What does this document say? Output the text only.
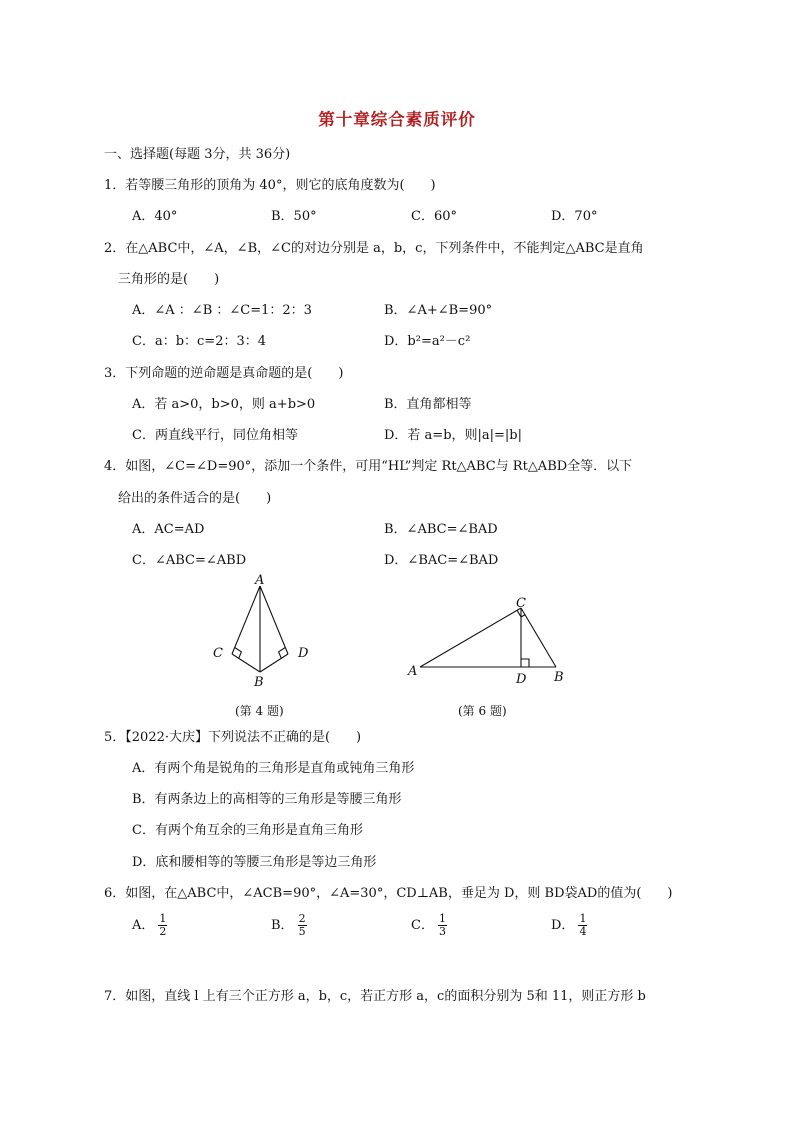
第十章综合素质评价
一、选择题(每题 3分，共 36分)
1．若等腰三角形的顶角为 40°，则它的底角度数为(　　)
A．40°	B．50°	C．60°	D．70°
2．在△ABC中，∠A，∠B，∠C的对边分别是 a，b，c，下列条件中，不能判定△ABC是直角
三角形的是(　　)
A．∠A ：∠B ：∠C=1：2：3	B．∠A+∠B=90°
C．a：b：c=2：3：4	D．b²=a²－c²
3．下列命题的逆命题是真命题的是(　　)
A．若 a>0，b>0，则 a+b>0	B．直角都相等
C．两直线平行，同位角相等	D．若 a=b，则|a|=|b|
4．如图，∠C=∠D=90°，添加一个条件，可用“HL”判定 Rt△ABC与 Rt△ABD全等．以下
给出的条件适合的是(　　)
A．AC=AD	B．∠ABC=∠BAD
C．∠ABC=∠ABD	D．∠BAC=∠BAD
A
C	D
B
(第 4 题)
A
C
D B
(第 6 题)
5．【2022·大庆】下列说法不正确的是(　　)
A．有两个角是锐角的三角形是直角或钝角三角形
B．有两条边上的高相等的三角形是等腰三角形
C．有两个角互余的三角形是直角三角形
D．底和腰相等的等腰三角形是等边三角形
6．如图，在△ABC中，∠ACB=90°，∠A=30°，CD⊥AB，垂足为 D，则 BD袋AD的值为(　　)
A． $\frac{1}{2}$	B． $\frac{2}{5}$	C． $\frac{1}{3}$	D． $\frac{1}{4}$
7．如图，直线 l 上有三个正方形 a，b，c，若正方形 a，c的面积分别为 5和 11，则正方形 b
